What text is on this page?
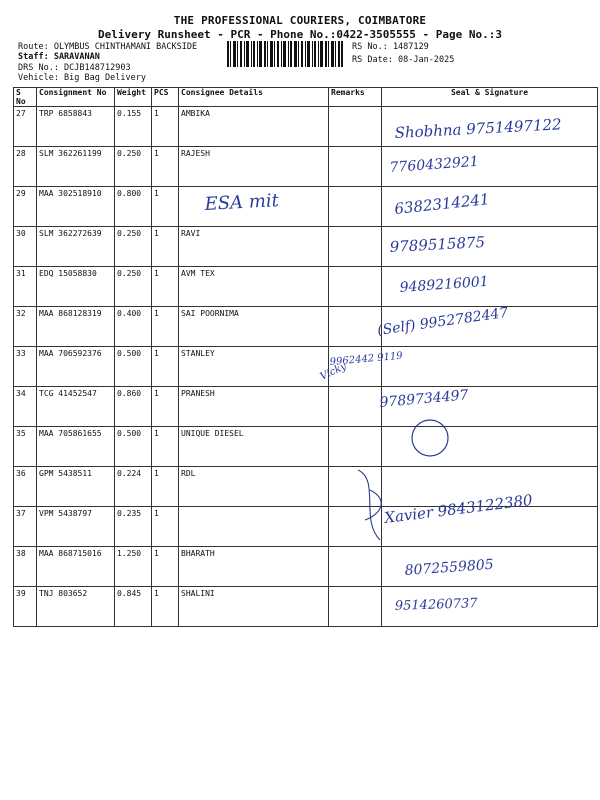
THE PROFESSIONAL COURIERS, COIMBATORE
Delivery Runsheet - PCR - Phone No.:0422-3505555 - Page No.:3
Route: OLYMBUS CHINTHAMANI BACKSIDE
Staff: SARAVANAN
DRS No.: DCJB148712903
Vehicle: Big Bag Delivery
RS No.: 1487129
RS Date: 08-Jan-2025
S No	Consignment No	Weight	PCS	Consignee Details	Remarks	Seal & Signature
27	TRP 6858843	0.155	1	AMBIKA		
28	SLM 362261199	0.250	1	RAJESH		
29	MAA 302518910	0.800	1			
30	SLM 362272639	0.250	1	RAVI		
31	EDQ 15058830	0.250	1	AVM TEX		
32	MAA 868128319	0.400	1	SAI POORNIMA		
33	MAA 706592376	0.500	1	STANLEY		
34	TCG 41452547	0.860	1	PRANESH		
35	MAA 705861655	0.500	1	UNIQUE DIESEL		
36	GPM 5438511	0.224	1	RDL		
37	VPM 5438797	0.235	1			
38	MAA 868715016	1.250	1	BHARATH		
39	TNJ 803652	0.845	1	SHALINI		
Shobhna 9751497122
7760432921
6382314241
9789515875
9489216001
(Self) 9952782447
9962442 9119
9789734497
Xavier 9843122380
8072559805
9514260737
ESA mit
Vicky
